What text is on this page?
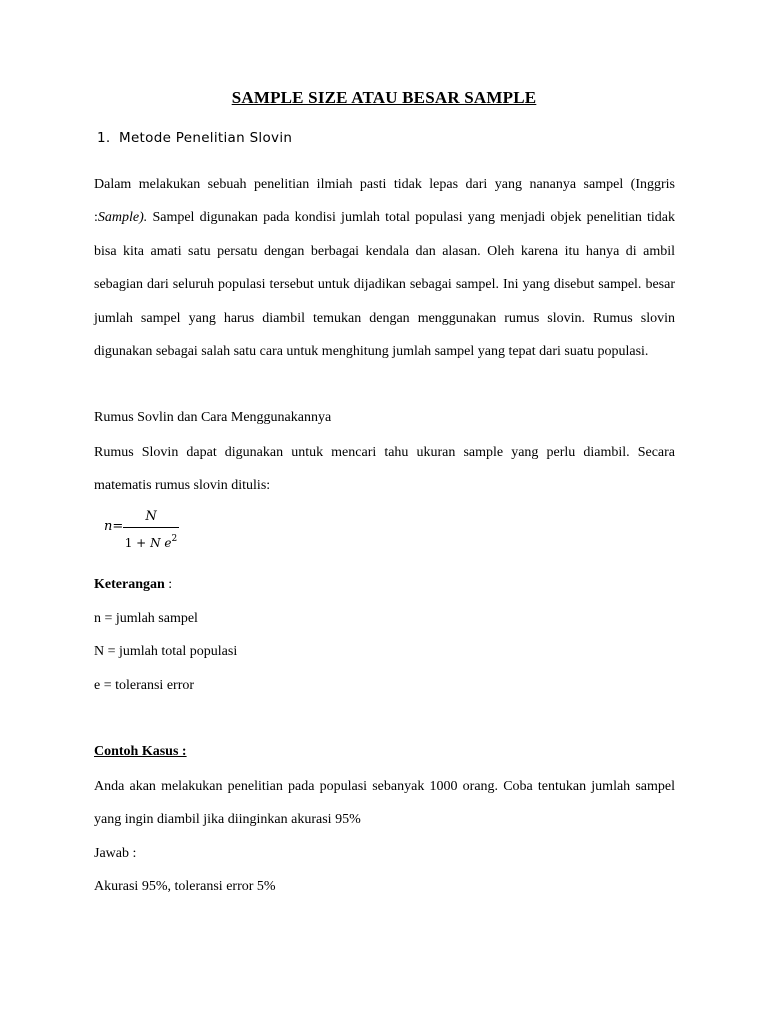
SAMPLE SIZE ATAU BESAR SAMPLE
1. Metode Penelitian Slovin
Dalam melakukan sebuah penelitian ilmiah pasti tidak lepas dari yang nananya sampel (Inggris :Sample). Sampel digunakan pada kondisi jumlah total populasi yang menjadi objek penelitian tidak bisa kita amati satu persatu dengan berbagai kendala dan alasan. Oleh karena itu hanya di ambil sebagian dari seluruh populasi tersebut untuk dijadikan sebagai sampel. Ini yang disebut sampel. besar jumlah sampel yang harus diambil temukan dengan menggunakan rumus slovin. Rumus slovin digunakan sebagai salah satu cara untuk menghitung jumlah sampel yang tepat dari suatu populasi.
Rumus Sovlin dan Cara Menggunakannya
Rumus Slovin dapat digunakan untuk mencari tahu ukuran sample yang perlu diambil. Secara matematis rumus slovin ditulis:
n=
N
1 + N $e^2$
Keterangan :
n = jumlah sampel
N = jumlah total populasi
e = toleransi error
Contoh Kasus :
Anda akan melakukan penelitian pada populasi sebanyak 1000 orang. Coba tentukan jumlah sampel yang ingin diambil jika diinginkan akurasi 95%
Jawab :
Akurasi 95%, toleransi error 5%
